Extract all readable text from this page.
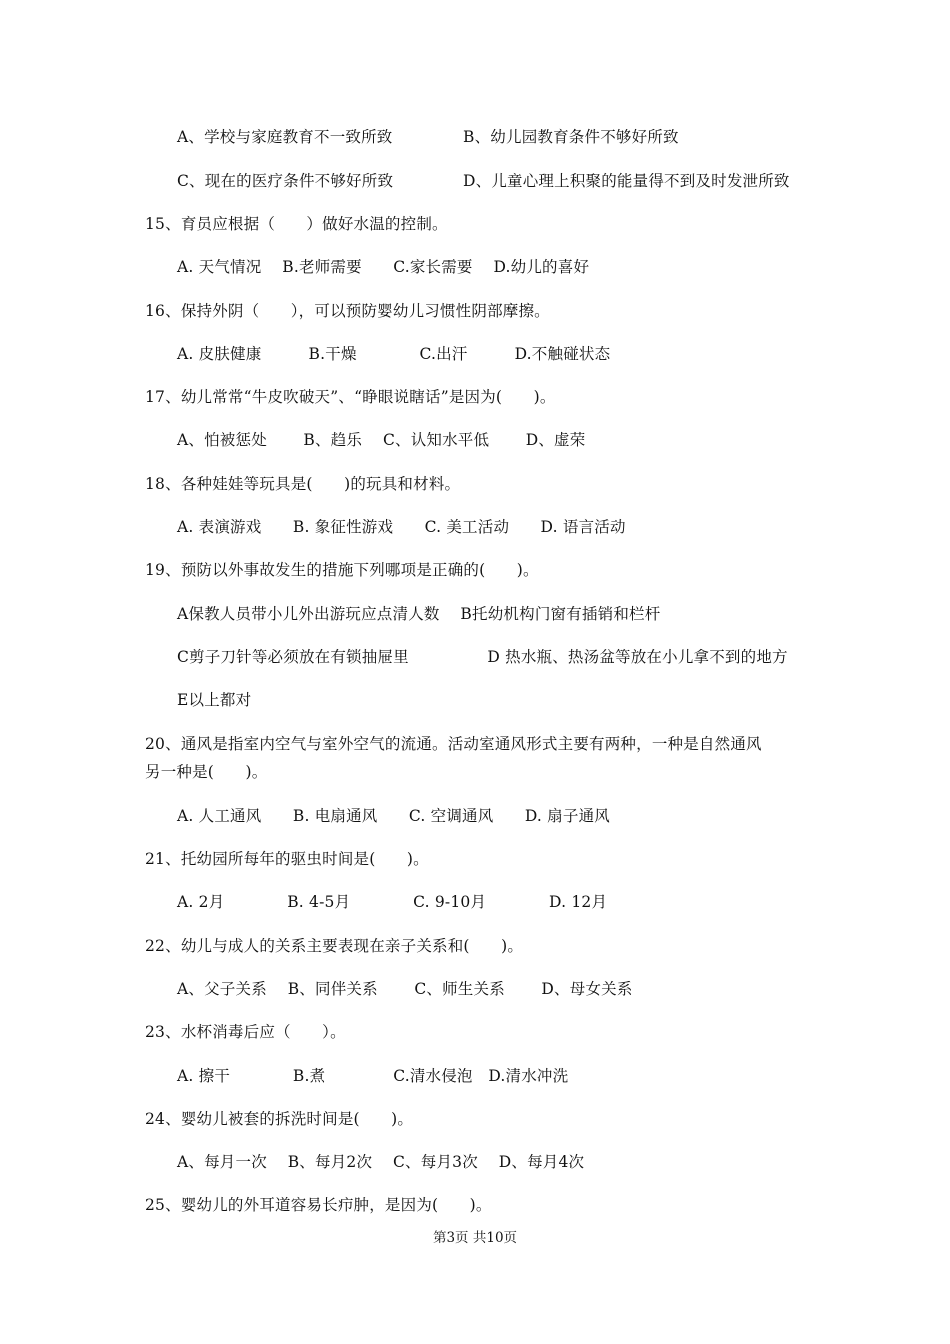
第3页 共10页
A、学校与家庭教育不一致所致	B、幼儿园教育条件不够好所致
C、现在的医疗条件不够好所致	D、儿童心理上积聚的能量得不到及时发泄所致
15、育员应根据（　　）做好水温的控制。
A. 天气情况　 B.老师需要　　C.家长需要　 D.幼儿的喜好
16、保持外阴（　　），可以预防婴幼儿习惯性阴部摩擦。
A. 皮肤健康　　　B.干燥　　　　C.出汗　　　D.不触碰状态
17、幼儿常常“牛皮吹破天”、“睁眼说瞎话”是因为(　　)。
A、怕被惩处　　 B、趋乐　 C、认知水平低　　 D、虚荣
18、各种娃娃等玩具是(　　)的玩具和材料。
A. 表演游戏　　B. 象征性游戏　　C. 美工活动　　D. 语言活动
19、预防以外事故发生的措施下列哪项是正确的(　　)。
A保教人员带小儿外出游玩应点清人数　 B托幼机构门窗有插销和栏杆
C剪子刀针等必须放在有锁抽屉里　　　　　D 热水瓶、热汤盆等放在小儿拿不到的地方
E以上都对
20、通风是指室内空气与室外空气的流通。活动室通风形式主要有两种，一种是自然通风
另一种是(　　)。
A. 人工通风　　B. 电扇通风　　C. 空调通风　　D. 扇子通风
21、托幼园所每年的驱虫时间是(　　)。
A. 2月　　　　B. 4-5月　　　　C. 9-10月　　　　D. 12月
22、幼儿与成人的关系主要表现在亲子关系和(　　)。
A、父子关系　 B、同伴关系　　 C、师生关系　　 D、母女关系
23、水杯消毒后应（　　）。
A. 擦干　　　　B.煮　　　　 C.清水侵泡　D.清水冲洗
24、婴幼儿被套的拆洗时间是(　　)。
A、每月一次　 B、每月2次　 C、每月3次　 D、每月4次
25、婴幼儿的外耳道容易长疖肿，是因为(　　)。
